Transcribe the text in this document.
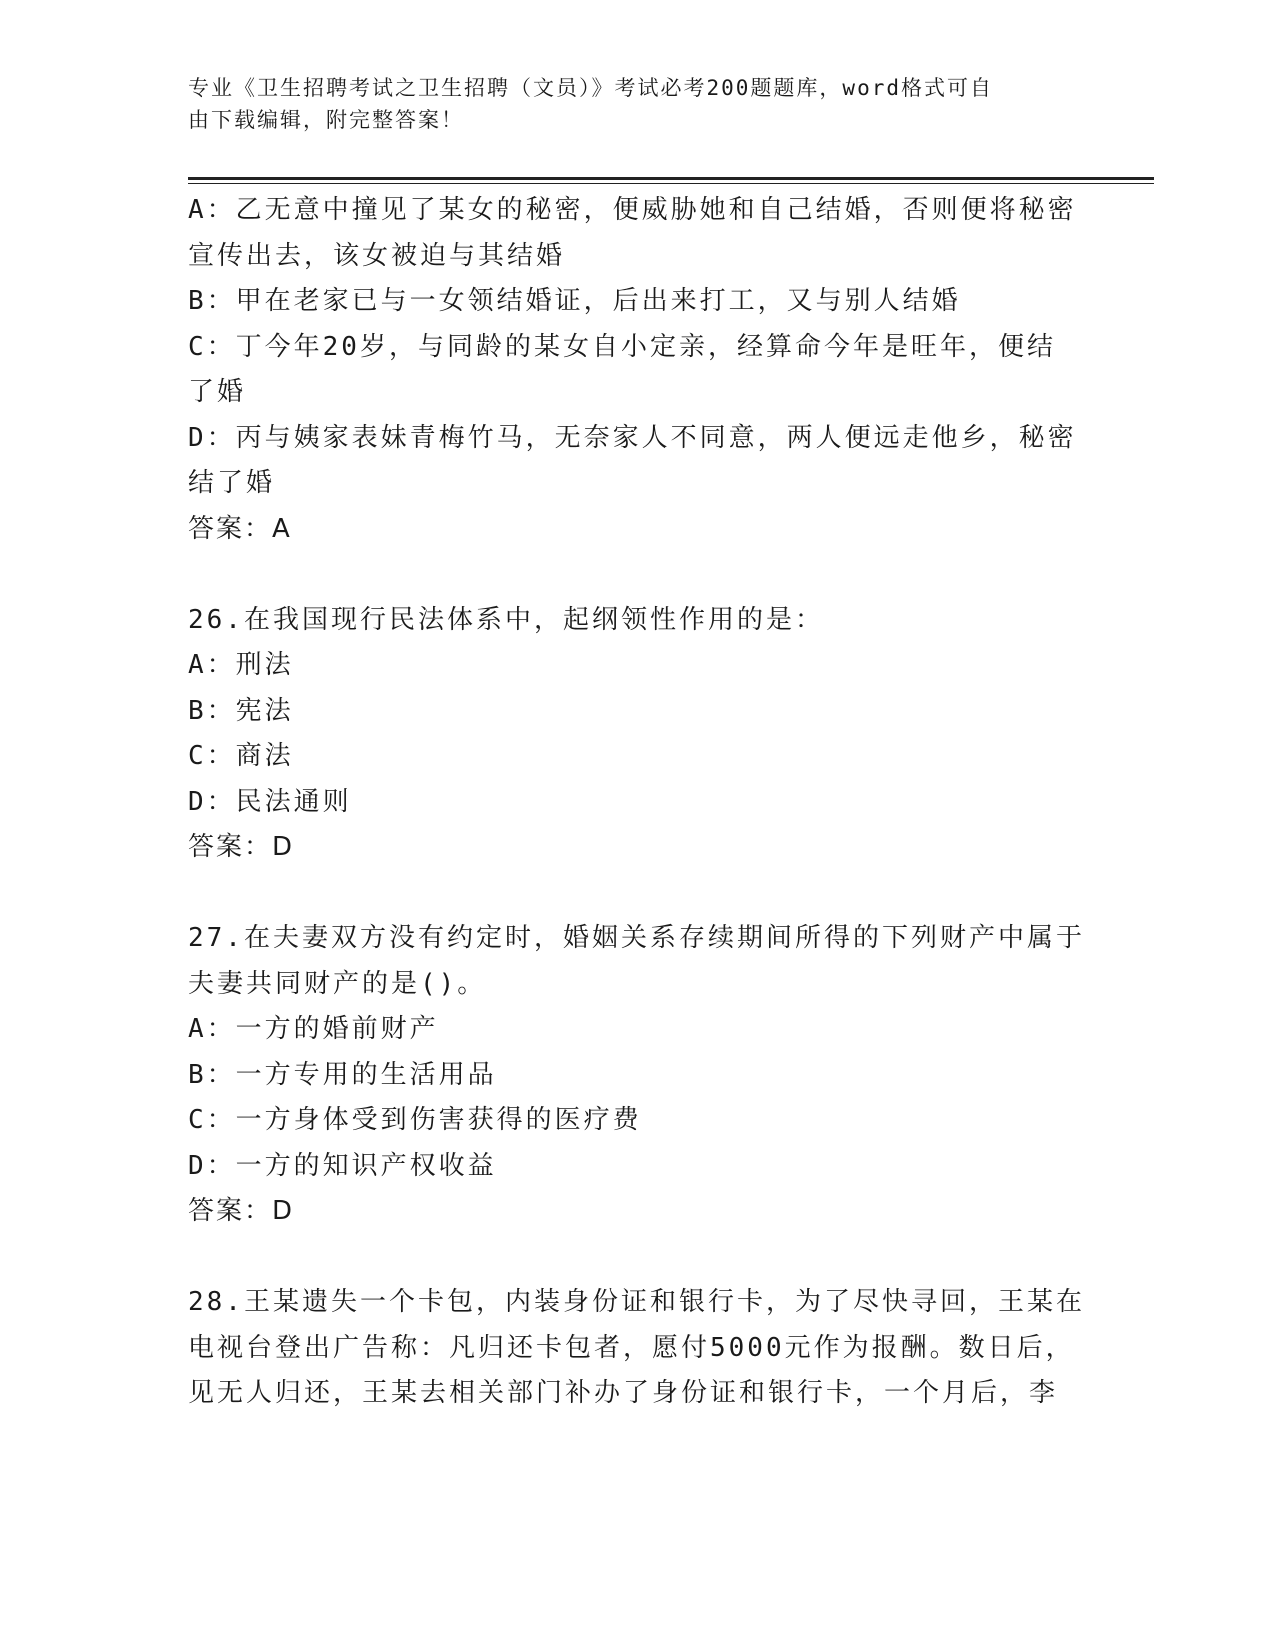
专业《卫生招聘考试之卫生招聘（文员）》考试必考200题题库，word格式可自
由下载编辑，附完整答案！
A：乙无意中撞见了某女的秘密，便威胁她和自己结婚，否则便将秘密
宣传出去，该女被迫与其结婚
B：甲在老家已与一女领结婚证，后出来打工，又与别人结婚
C：丁今年20岁，与同龄的某女自小定亲，经算命今年是旺年，便结
了婚
D：丙与姨家表妹青梅竹马，无奈家人不同意，两人便远走他乡，秘密
结了婚
答案：A
26.在我国现行民法体系中，起纲领性作用的是：
A：刑法
B：宪法
C：商法
D：民法通则
答案：D
27.在夫妻双方没有约定时，婚姻关系存续期间所得的下列财产中属于
夫妻共同财产的是()。
A：一方的婚前财产
B：一方专用的生活用品
C：一方身体受到伤害获得的医疗费
D：一方的知识产权收益
答案：D
28.王某遗失一个卡包，内装身份证和银行卡，为了尽快寻回，王某在
电视台登出广告称：凡归还卡包者，愿付5000元作为报酬。数日后，
见无人归还，王某去相关部门补办了身份证和银行卡，一个月后，李
